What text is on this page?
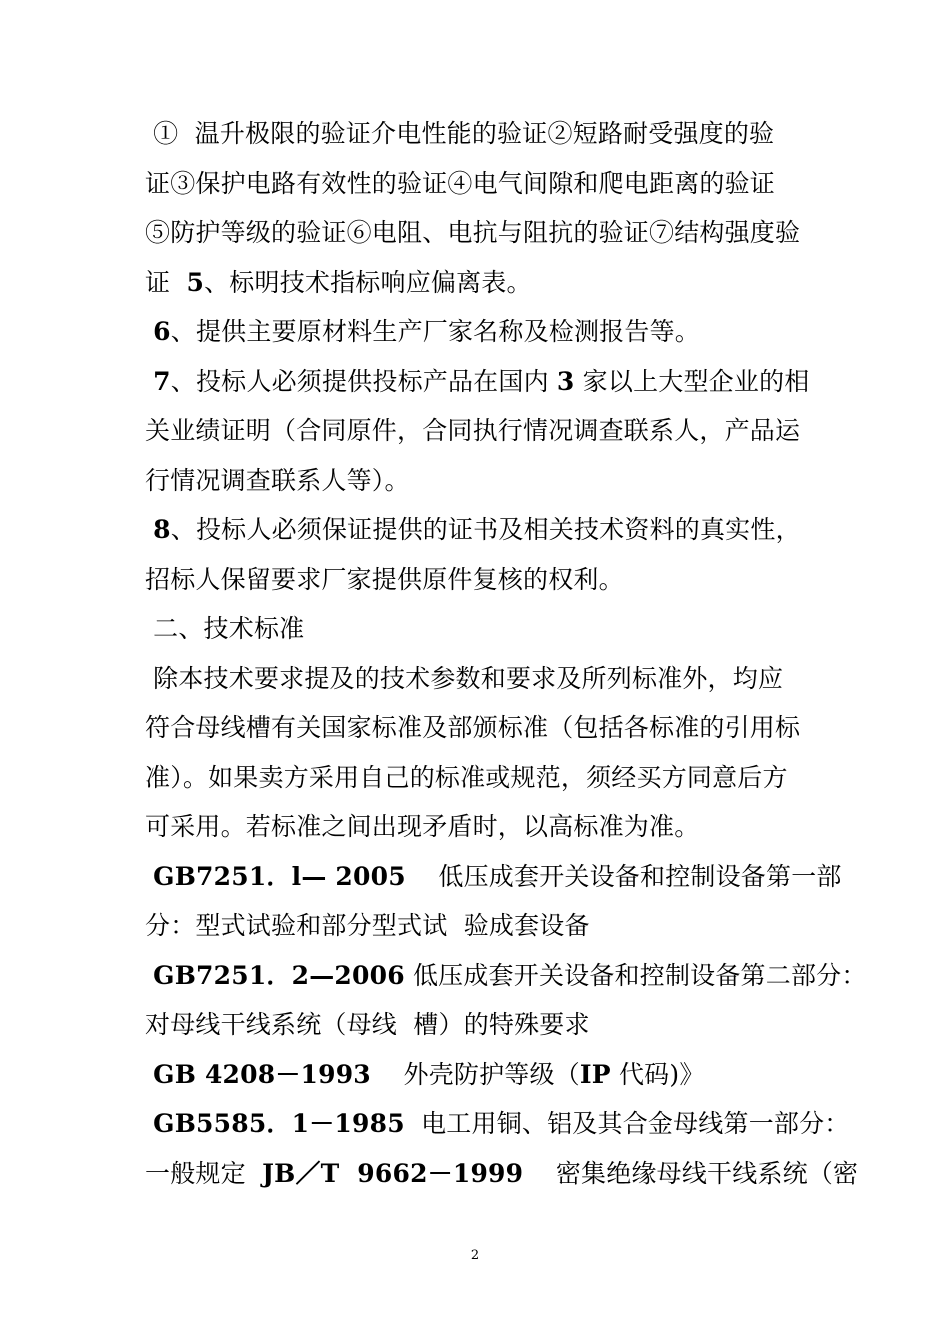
①  温升极限的验证介电性能的验证②短路耐受强度的验
证③保护电路有效性的验证④电气间隙和爬电距离的验证
⑤防护等级的验证⑥电阻、电抗与阻抗的验证⑦结构强度验
证  5、标明技术指标响应偏离表。
6、提供主要原材料生产厂家名称及检测报告等。
7、投标人必须提供投标产品在国内 3 家以上大型企业的相
关业绩证明（合同原件，合同执行情况调查联系人，产品运
行情况调查联系人等）。
8、投标人必须保证提供的证书及相关技术资料的真实性，
招标人保留要求厂家提供原件复核的权利。
二、技术标准
除本技术要求提及的技术参数和要求及所列标准外，均应
符合母线槽有关国家标准及部颁标准（包括各标准的引用标
准）。如果卖方采用自己的标准或规范，须经买方同意后方
可采用。若标准之间出现矛盾时，以高标准为准。
GB7251．l— 2005    低压成套开关设备和控制设备第一部
分：型式试验和部分型式试  验成套设备
GB7251．2—2006 低压成套开关设备和控制设备第二部分：
对母线干线系统（母线  槽）的特殊要求
GB 4208－1993    外壳防护等级（IP 代码)》
GB5585．1－1985  电工用铜、铝及其合金母线第一部分：
一般规定  JB／T  9662－1999    密集绝缘母线干线系统（密
2
